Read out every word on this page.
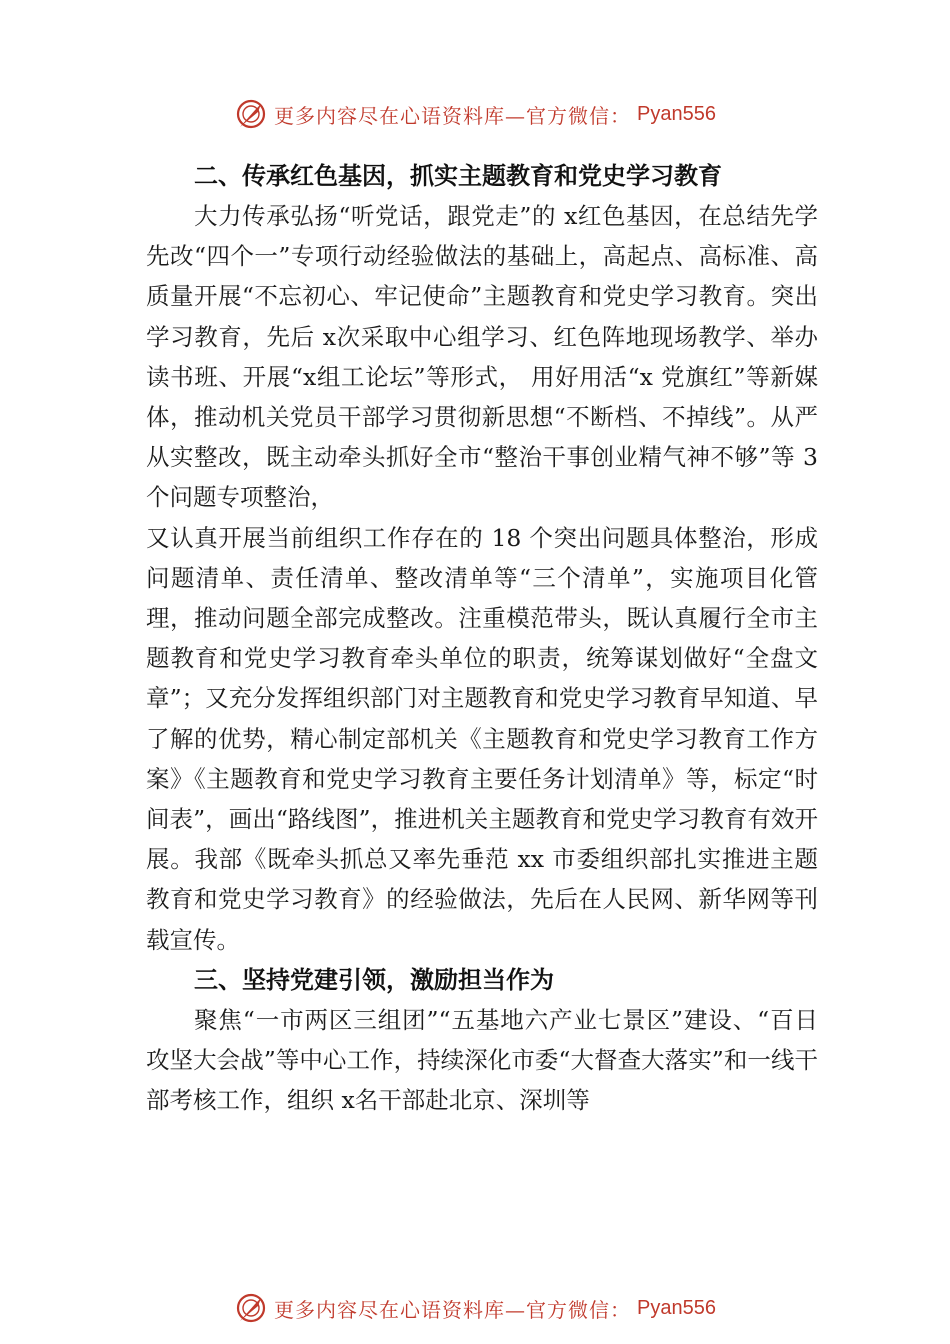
更多内容尽在心语资料库—官方微信： Pyan556
二、传承红色基因，抓实主题教育和党史学习教育

大力传承弘扬“听党话，跟党走”的 x红色基因，在总结先学先改“四个一”专项行动经验做法的基础上，高起点、高标准、高质量开展“不忘初心、牢记使命”主题教育和党史学习教育。突出学习教育，先后 x次采取中心组学习、红色阵地现场教学、举办读书班、开展“x组工论坛”等形式， 用好用活“x 党旗红”等新媒体，推动机关党员干部学习贯彻新思想“不断档、不掉线”。从严从实整改，既主动牵头抓好全市“整治干事创业精气神不够”等 3 个问题专项整治，

又认真开展当前组织工作存在的 18 个突出问题具体整治，形成问题清单、责任清单、整改清单等“三个清单”，实施项目化管理，推动问题全部完成整改。注重模范带头，既认真履行全市主题教育和党史学习教育牵头单位的职责，统筹谋划做好“全盘文章”；又充分发挥组织部门对主题教育和党史学习教育早知道、早了解的优势，精心制定部机关《主题教育和党史学习教育工作方案》《主题教育和党史学习教育主要任务计划清单》等，标定“时间表”，画出“路线图”，推进机关主题教育和党史学习教育有效开展。我部《既牵头抓总又率先垂范 xx 市委组织部扎实推进主题教育和党史学习教育》的经验做法，先后在人民网、新华网等刊载宣传。

三、坚持党建引领，激励担当作为

聚焦“一市两区三组团”“五基地六产业七景区”建设、“百日攻坚大会战”等中心工作，持续深化市委“大督查大落实”和一线干部考核工作，组织 x名干部赴北京、深圳等

更多内容尽在心语资料库—官方微信： Pyan556
